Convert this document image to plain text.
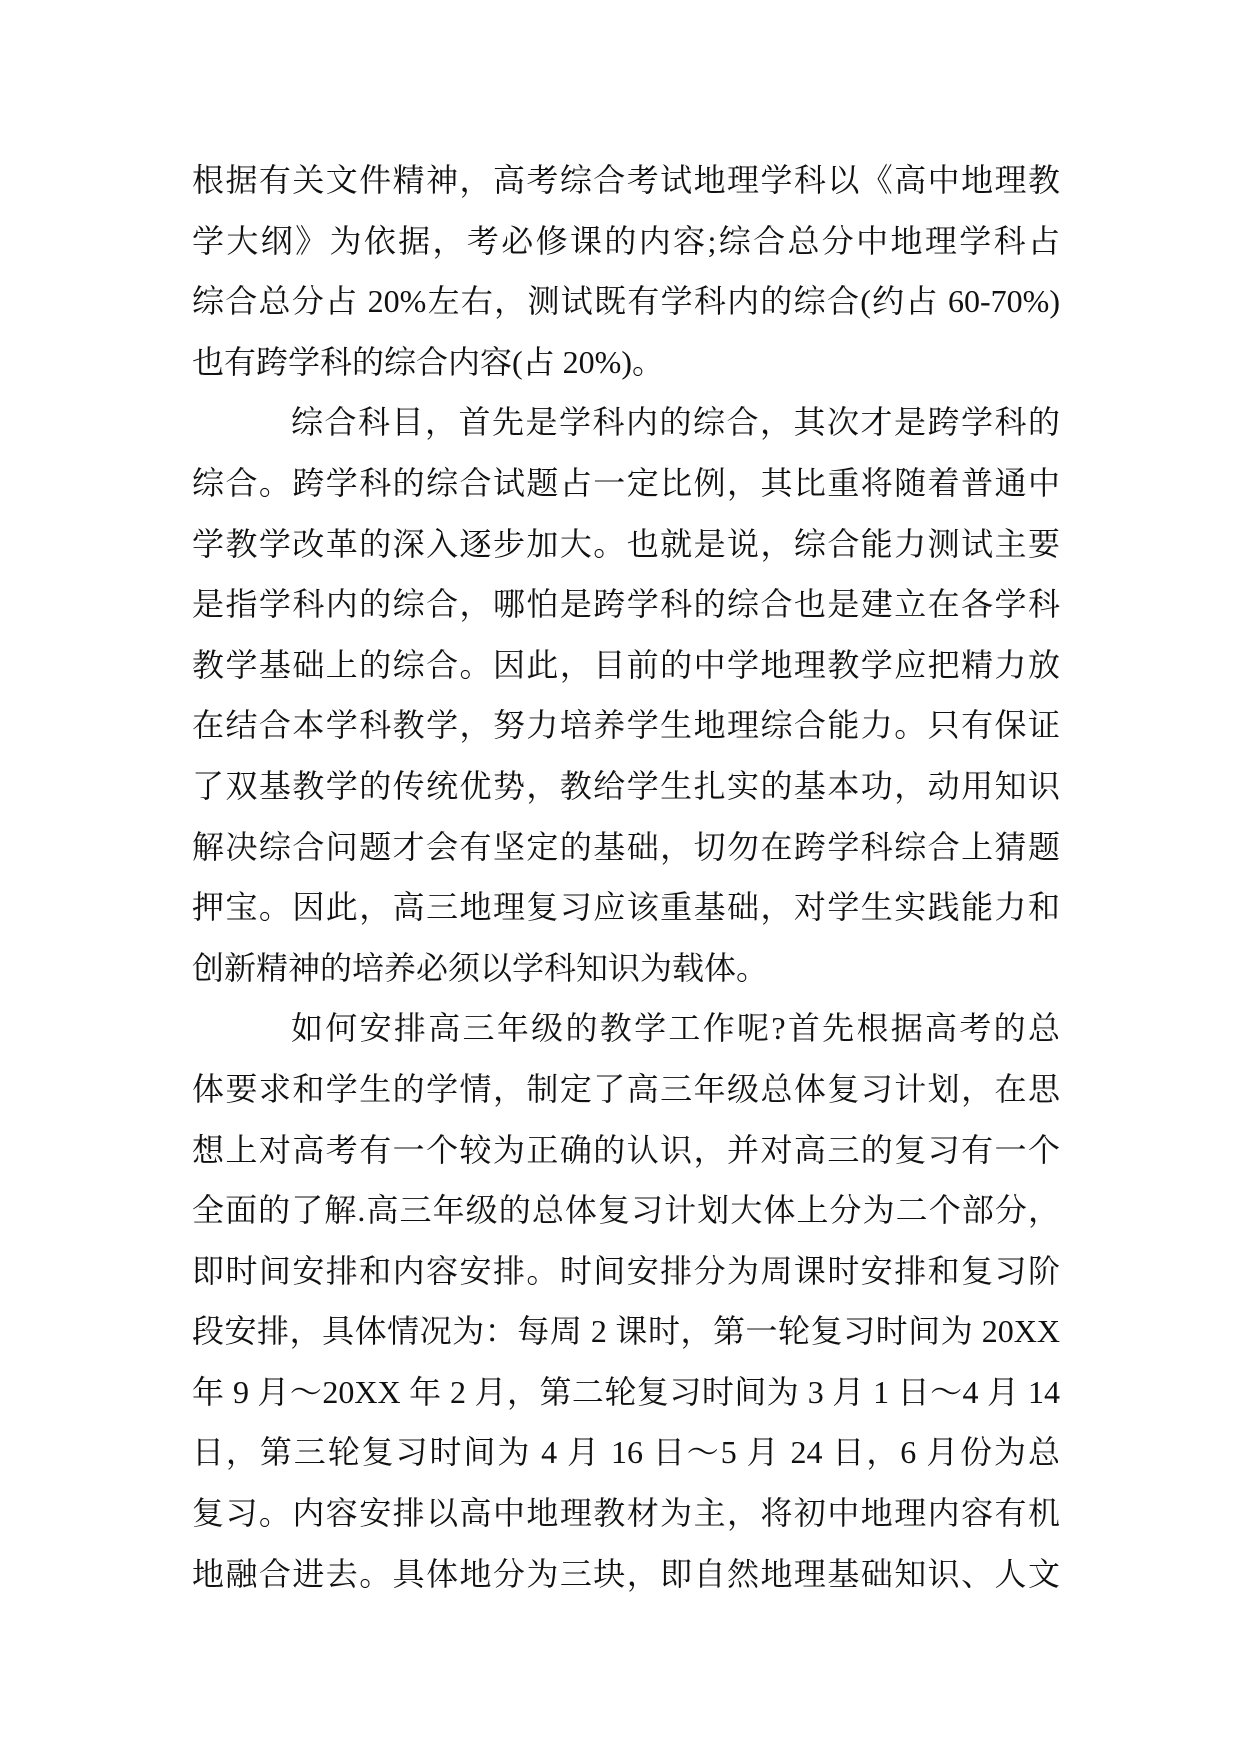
根据有关文件精神，高考综合考试地理学科以《高中地理教
学大纲》为依据，考必修课的内容;综合总分中地理学科占
综合总分占 20%左右，测试既有学科内的综合(约占 60-70%)
也有跨学科的综合内容(占 20%)。
综合科目，首先是学科内的综合，其次才是跨学科的
综合。跨学科的综合试题占一定比例，其比重将随着普通中
学教学改革的深入逐步加大。也就是说，综合能力测试主要
是指学科内的综合，哪怕是跨学科的综合也是建立在各学科
教学基础上的综合。因此，目前的中学地理教学应把精力放
在结合本学科教学，努力培养学生地理综合能力。只有保证
了双基教学的传统优势，教给学生扎实的基本功，动用知识
解决综合问题才会有坚定的基础，切勿在跨学科综合上猜题
押宝。因此，高三地理复习应该重基础，对学生实践能力和
创新精神的培养必须以学科知识为载体。
如何安排高三年级的教学工作呢?首先根据高考的总
体要求和学生的学情，制定了高三年级总体复习计划，在思
想上对高考有一个较为正确的认识，并对高三的复习有一个
全面的了解.高三年级的总体复习计划大体上分为二个部分，
即时间安排和内容安排。时间安排分为周课时安排和复习阶
段安排，具体情况为：每周 2 课时，第一轮复习时间为 20XX
年 9 月～20XX 年 2 月，第二轮复习时间为 3 月 1 日～4 月 14
日，第三轮复习时间为 4 月 16 日～5 月 24 日，6 月份为总
复习。内容安排以高中地理教材为主，将初中地理内容有机
地融合进去。具体地分为三块，即自然地理基础知识、人文
